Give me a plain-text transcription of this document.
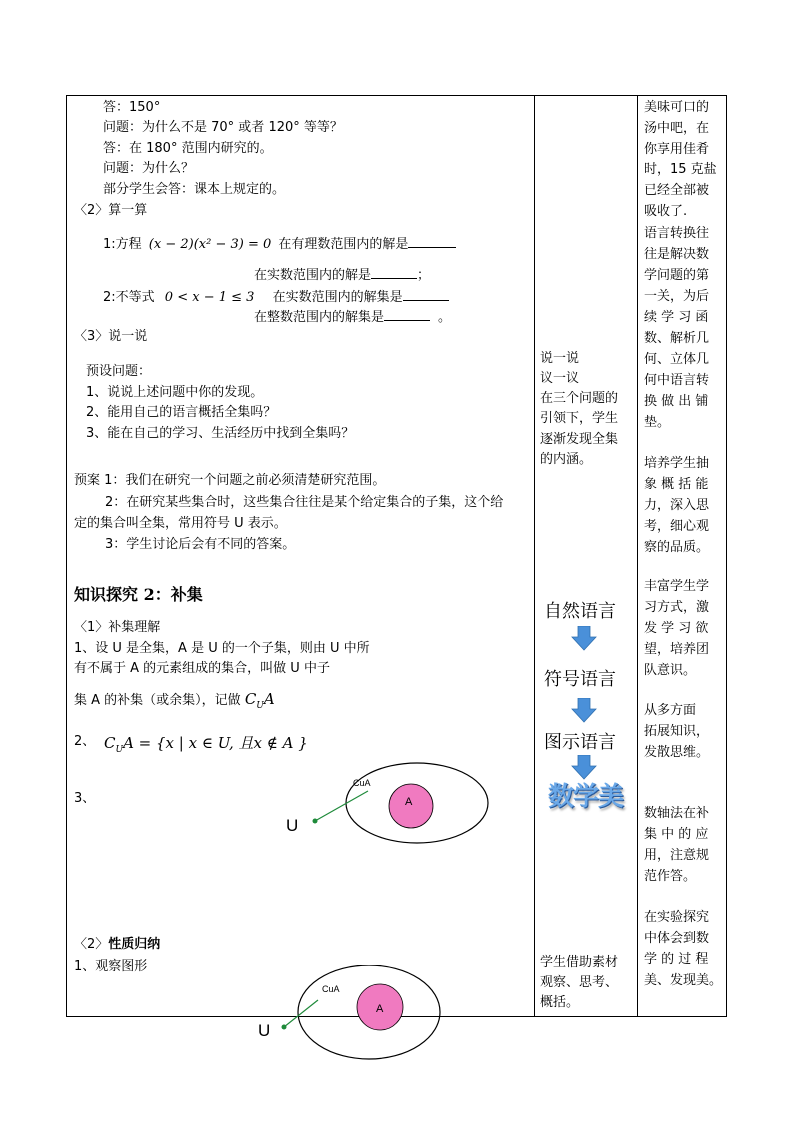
答：150°
问题：为什么不是 70° 或者 120° 等等？
答：在 180° 范围内研究的。
问题：为什么？
部分学生会答：课本上规定的。
〈2〉算一算
1:方程 (x − 2)(x² − 3) = 0 在有理数范围内的解是
在实数范围内的解是	；
2:不等式 0 < x − 1 ≤ 3 在实数范围内的解集是
在整数范围内的解集是	。
〈3〉说一说
预设问题：
1、说说上述问题中你的发现。
2、能用自己的语言概括全集吗？
3、能在自己的学习、生活经历中找到全集吗？
预案 1：我们在研究一个问题之前必须清楚研究范围。
2：在研究某些集合时，这些集合往往是某个给定集合的子集，这个给
定的集合叫全集，常用符号 U 表示。
3：学生讨论后会有不同的答案。
知识探究 2：补集
〈1〉补集理解
1、设 U 是全集，A 是 U 的一个子集，则由 U 中所
有不属于 A 的元素组成的集合，叫做 U 中子
集 A 的补集（或余集），记做 $C_UA$
2、 $C_UA = \{x$ | x ∈ U, 且x ∉ A }
3、
CuA
A
U
〈2〉性质归纳
1、观察图形
CuA
A
U
说一说
议一议
在三个问题的
引领下，学生
逐渐发现全集
的内涵。
自然语言
符号语言
图示语言
数学美
学生借助素材
观察、思考、
概括。
美味可口的
汤中吧，在
你享用佳肴
时，15 克盐
已经全部被
吸收了.
语言转换往
往是解决数
学问题的第
一关，为后
续 学 习 函
数、解析几
何、立体几
何中语言转
换 做 出 铺
垫。
培养学生抽
象 概 括 能
力，深入思
考，细心观
察的品质。
丰富学生学
习方式，激
发 学 习 欲
望，培养团
队意识。
从多方面
拓展知识，
发散思维。
数轴法在补
集 中 的 应
用，注意规
范作答。
在实验探究
中体会到数
学 的 过 程
美、发现美。
